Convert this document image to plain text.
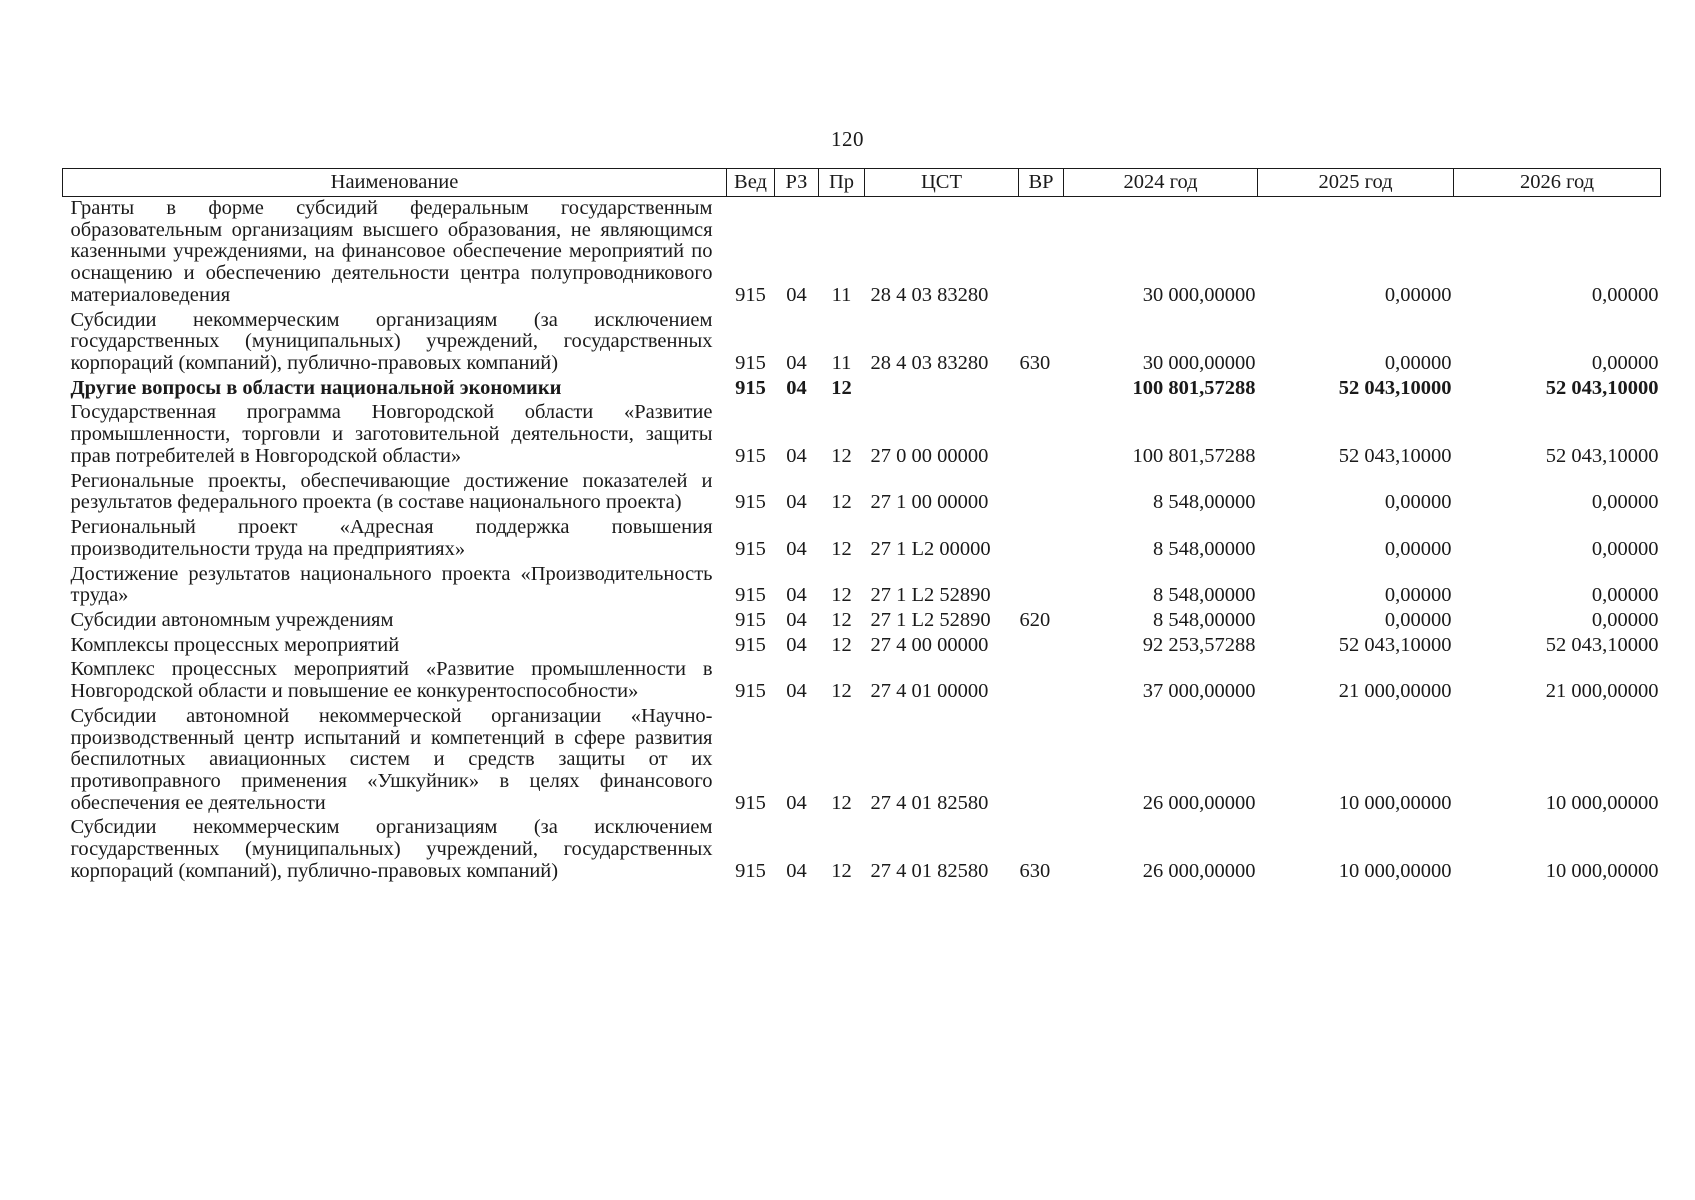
120
Наименование	Вед	РЗ	Пр	ЦСТ	ВР	2024 год	2025 год	2026 год
Гранты в форме субсидий федеральным государственным образовательным организациям высшего образования, не являющимся казенными учреждениями, на финансовое обеспечение мероприятий по оснащению и обеспечению деятельности центра полупроводникового материаловедения	915	04	11	28 4 03 83280		30 000,00000	0,00000	0,00000
Субсидии некоммерческим организациям (за исключением государственных (муниципальных) учреждений, государственных корпораций (компаний), публично-правовых компаний)	915	04	11	28 4 03 83280	630	30 000,00000	0,00000	0,00000
Другие вопросы в области национальной экономики	915	04	12			100 801,57288	52 043,10000	52 043,10000
Государственная программа Новгородской области «Развитие промышленности, торговли и заготовительной деятельности, защиты прав потребителей в Новгородской области»	915	04	12	27 0 00 00000		100 801,57288	52 043,10000	52 043,10000
Региональные проекты, обеспечивающие достижение показателей и результатов федерального проекта (в составе национального проекта)	915	04	12	27 1 00 00000		8 548,00000	0,00000	0,00000
Региональный проект «Адресная поддержка повышения производительности труда на предприятиях»	915	04	12	27 1 L2 00000		8 548,00000	0,00000	0,00000
Достижение результатов национального проекта «Производительность труда»	915	04	12	27 1 L2 52890		8 548,00000	0,00000	0,00000
Субсидии автономным учреждениям	915	04	12	27 1 L2 52890	620	8 548,00000	0,00000	0,00000
Комплексы процессных мероприятий	915	04	12	27 4 00 00000		92 253,57288	52 043,10000	52 043,10000
Комплекс процессных мероприятий «Развитие промышленности в Новгородской области и повышение ее конкурентоспособности»	915	04	12	27 4 01 00000		37 000,00000	21 000,00000	21 000,00000
Субсидии автономной некоммерческой организации «Научно-производственный центр испытаний и компетенций в сфере развития беспилотных авиационных систем и средств защиты от их противоправного применения «Ушкуйник» в целях финансового обеспечения ее деятельности	915	04	12	27 4 01 82580		26 000,00000	10 000,00000	10 000,00000
Субсидии некоммерческим организациям (за исключением государственных (муниципальных) учреждений, государственных корпораций (компаний), публично-правовых компаний)	915	04	12	27 4 01 82580	630	26 000,00000	10 000,00000	10 000,00000
